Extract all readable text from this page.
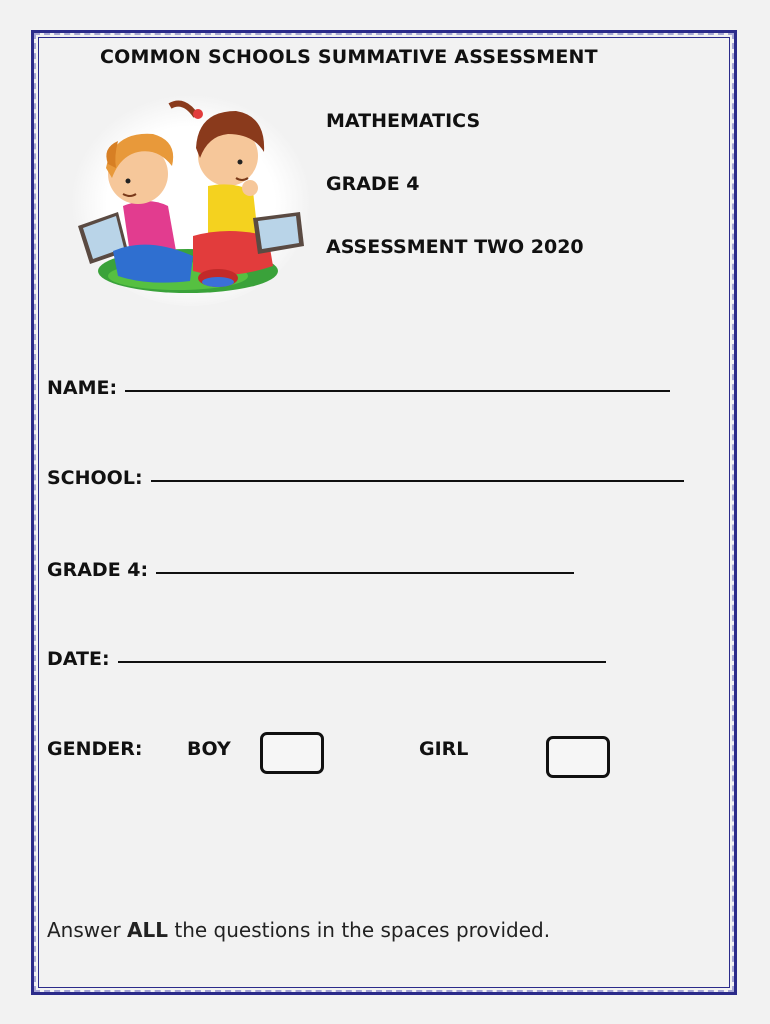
COMMON SCHOOLS SUMMATIVE ASSESSMENT
MATHEMATICS
GRADE 4
ASSESSMENT TWO 2020
NAME:
SCHOOL:
GRADE 4:
DATE:
GENDER: BOY	GIRL
Answer ALL the questions in the spaces provided.
